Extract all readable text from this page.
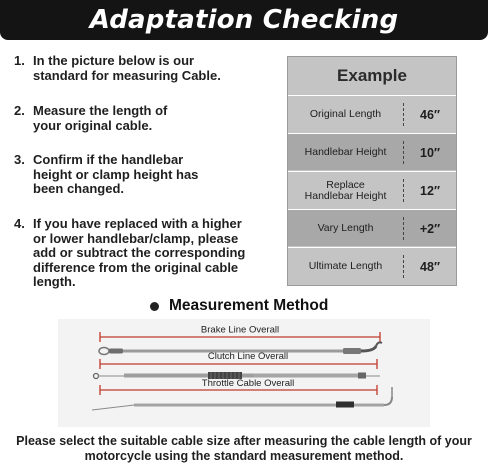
Adaptation Checking
1. In the picture below is our standard for measuring Cable.
2. Measure the length of your original cable.
3. Confirm if the handlebar height or clamp height has been changed.
4. If you have replaced with a higher or lower handlebar/clamp, please add or subtract the corresponding difference from the original cable length.
Example
Original Length	46″
Handlebar Height	10″
Replace Handlebar Height	12″
Vary Length	+2″
Ultimate Length	48″
Measurement Method
Brake Line Overall
Clutch Line Overall
Throttle Cable Overall
Please select the suitable cable size after measuring the cable length of your motorcycle using the standard measurement method.
